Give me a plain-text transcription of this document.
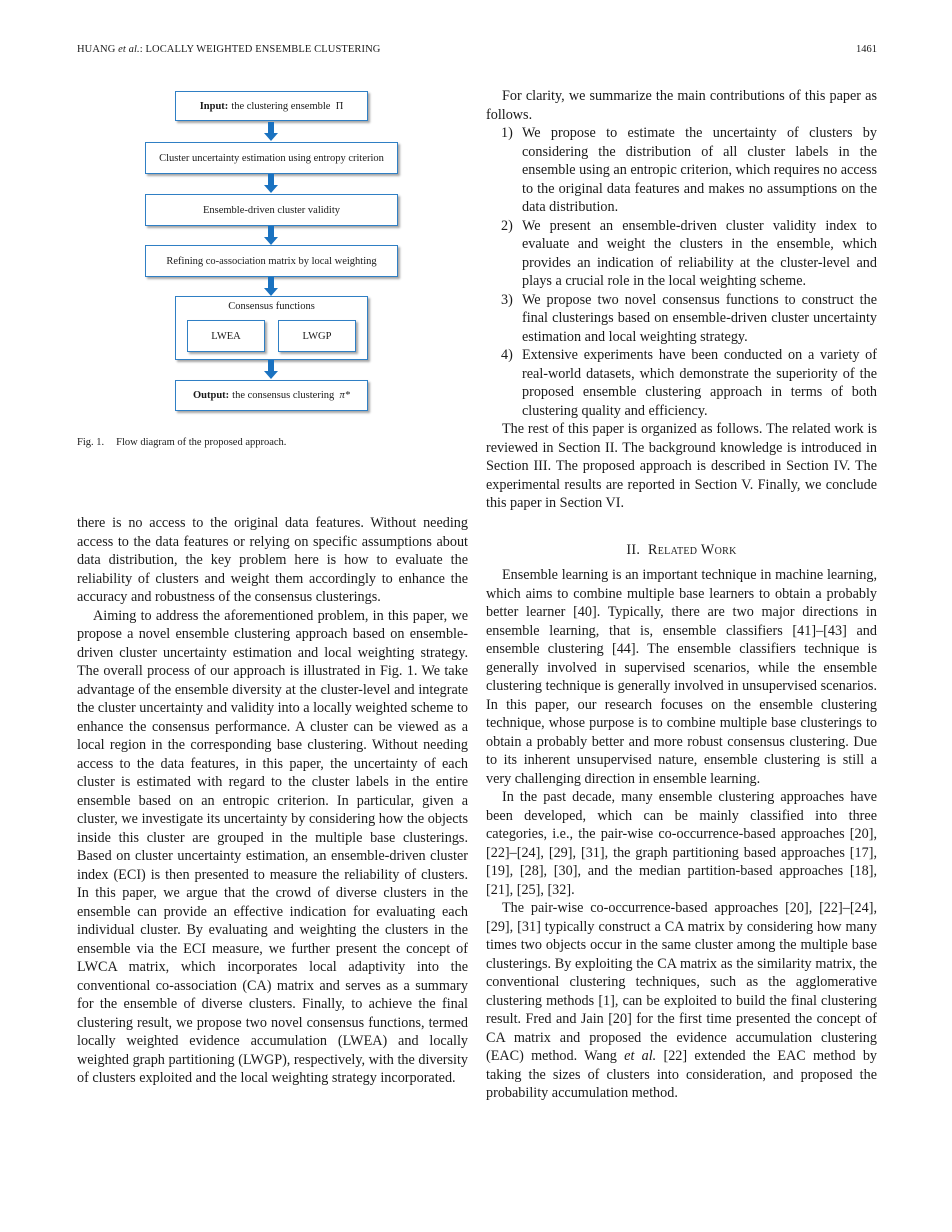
HUANG et al.: LOCALLY WEIGHTED ENSEMBLE CLUSTERING	1461
Input: the clustering ensemble
Π
Cluster uncertainty estimation using entropy criterion
Ensemble-driven cluster validity
Refining co-association matrix by local weighting
Consensus functions
LWEA	LWGP
Output: the consensus clustering
π*
Fig. 1. Flow diagram of the proposed approach.

there is no access to the original data features. Without needing access to the data features or relying on specific assumptions about data distribution, the key problem here is how to evaluate the reliability of clusters and weight them accordingly to enhance the accuracy and robustness of the consensus clusterings.

Aiming to address the aforementioned problem, in this paper, we propose a novel ensemble clustering approach based on ensemble-driven cluster uncertainty estimation and local weighting strategy. The overall process of our approach is illustrated in Fig. 1. We take advantage of the ensemble diversity at the cluster-level and integrate the cluster uncertainty and validity into a locally weighted scheme to enhance the consensus performance. A cluster can be viewed as a local region in the corresponding base clustering. Without needing access to the data features, in this paper, the uncertainty of each cluster is estimated with regard to the cluster labels in the entire ensemble based on an entropic criterion. In particular, given a cluster, we investigate its uncertainty by considering how the objects inside this cluster are grouped in the multiple base clusterings. Based on cluster uncertainty estimation, an ensemble-driven cluster index (ECI) is then presented to measure the reliability of clusters. In this paper, we argue that the crowd of diverse clusters in the ensemble can provide an effective indication for evaluating each individual cluster. By evaluating and weighting the clusters in the ensemble via the ECI measure, we further present the concept of LWCA matrix, which incorporates local adaptivity into the conventional co-association (CA) matrix and serves as a summary for the ensemble of diverse clusters. Finally, to achieve the final clustering result, we propose two novel consensus functions, termed locally weighted evidence accumulation (LWEA) and locally weighted graph partitioning (LWGP), respectively, with the diversity of clusters exploited and the local weighting strategy incorporated.

For clarity, we summarize the main contributions of this paper as follows.

1) We propose to estimate the uncertainty of clusters by considering the distribution of all cluster labels in the ensemble using an entropic criterion, which requires no access to the original data features and makes no assumptions on the data distribution.
2) We present an ensemble-driven cluster validity index to evaluate and weight the clusters in the ensemble, which provides an indication of reliability at the cluster-level and plays a crucial role in the local weighting scheme.
3) We propose two novel consensus functions to construct the final clusterings based on ensemble-driven cluster uncertainty estimation and local weighting strategy.
4) Extensive experiments have been conducted on a variety of real-world datasets, which demonstrate the superiority of the proposed ensemble clustering approach in terms of both clustering quality and efficiency.

The rest of this paper is organized as follows. The related work is reviewed in Section II. The background knowledge is introduced in Section III. The proposed approach is described in Section IV. The experimental results are reported in Section V. Finally, we conclude this paper in Section VI.

II. Related Work

Ensemble learning is an important technique in machine learning, which aims to combine multiple base learners to obtain a probably better learner [40]. Typically, there are two major directions in ensemble learning, that is, ensemble classifiers [41]–[43] and ensemble clustering [44]. The ensemble classifiers technique is generally involved in supervised scenarios, while the ensemble clustering technique is generally involved in unsupervised scenarios. In this paper, our research focuses on the ensemble clustering technique, whose purpose is to combine multiple base clusterings to obtain a probably better and more robust consensus clustering. Due to its inherent unsupervised nature, ensemble clustering is still a very challenging direction in ensemble learning.

In the past decade, many ensemble clustering approaches have been developed, which can be mainly classified into three categories, i.e., the pair-wise co-occurrence-based approaches [20], [22]–[24], [29], [31], the graph partitioning based approaches [17], [19], [28], [30], and the median partition-based approaches [18], [21], [25], [32].

The pair-wise co-occurrence-based approaches [20], [22]–[24], [29], [31] typically construct a CA matrix by considering how many times two objects occur in the same cluster among the multiple base clusterings. By exploiting the CA matrix as the similarity matrix, the conventional clustering techniques, such as the agglomerative clustering methods [1], can be exploited to build the final clustering result. Fred and Jain [20] for the first time presented the concept of CA matrix and proposed the evidence accumulation clustering (EAC) method. Wang et al. [22] extended the EAC method by taking the sizes of clusters into consideration, and proposed the probability accumulation method.
